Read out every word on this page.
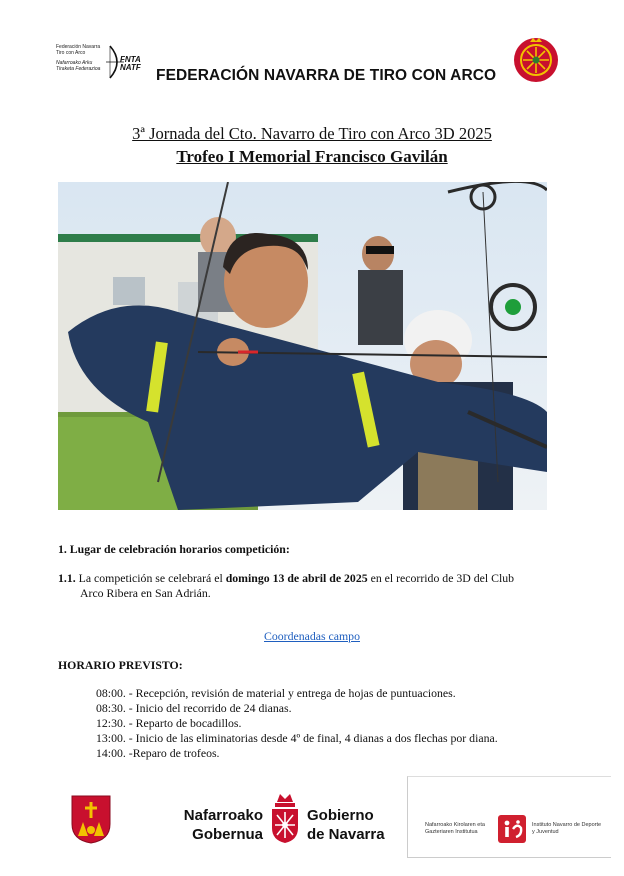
Federación Navarra
Tiro con Arco
Nafarroako Arku
Tiraketa Federazioa
FNTA NATF FEDERACIÓN NAVARRA DE TIRO CON ARCO
3ª Jornada del Cto. Navarro de Tiro con Arco 3D 2025
Trofeo I Memorial Francisco Gavilán
1. Lugar de celebración horarios competición:
1.1. La competición se celebrará el domingo 13 de abril de 2025 en el recorrido de 3D del Club
Arco Ribera en San Adrián.
Coordenadas campo
HORARIO PREVISTO:
08:00. - Recepción, revisión de material y entrega de hojas de puntuaciones.
08:30. - Inicio del recorrido de 24 dianas.
12:30. - Reparto de bocadillos.
13:00. - Inicio de las eliminatorias desde 4º de final, 4 dianas a dos flechas por diana.
14:00. -Reparo de trofeos.
Nafarroako
Gobernua
Gobierno
de Navarra
Nafarroako Kirolaren eta Gazteriaren Institutua
Instituto Navarro de Deporte y Juventud
